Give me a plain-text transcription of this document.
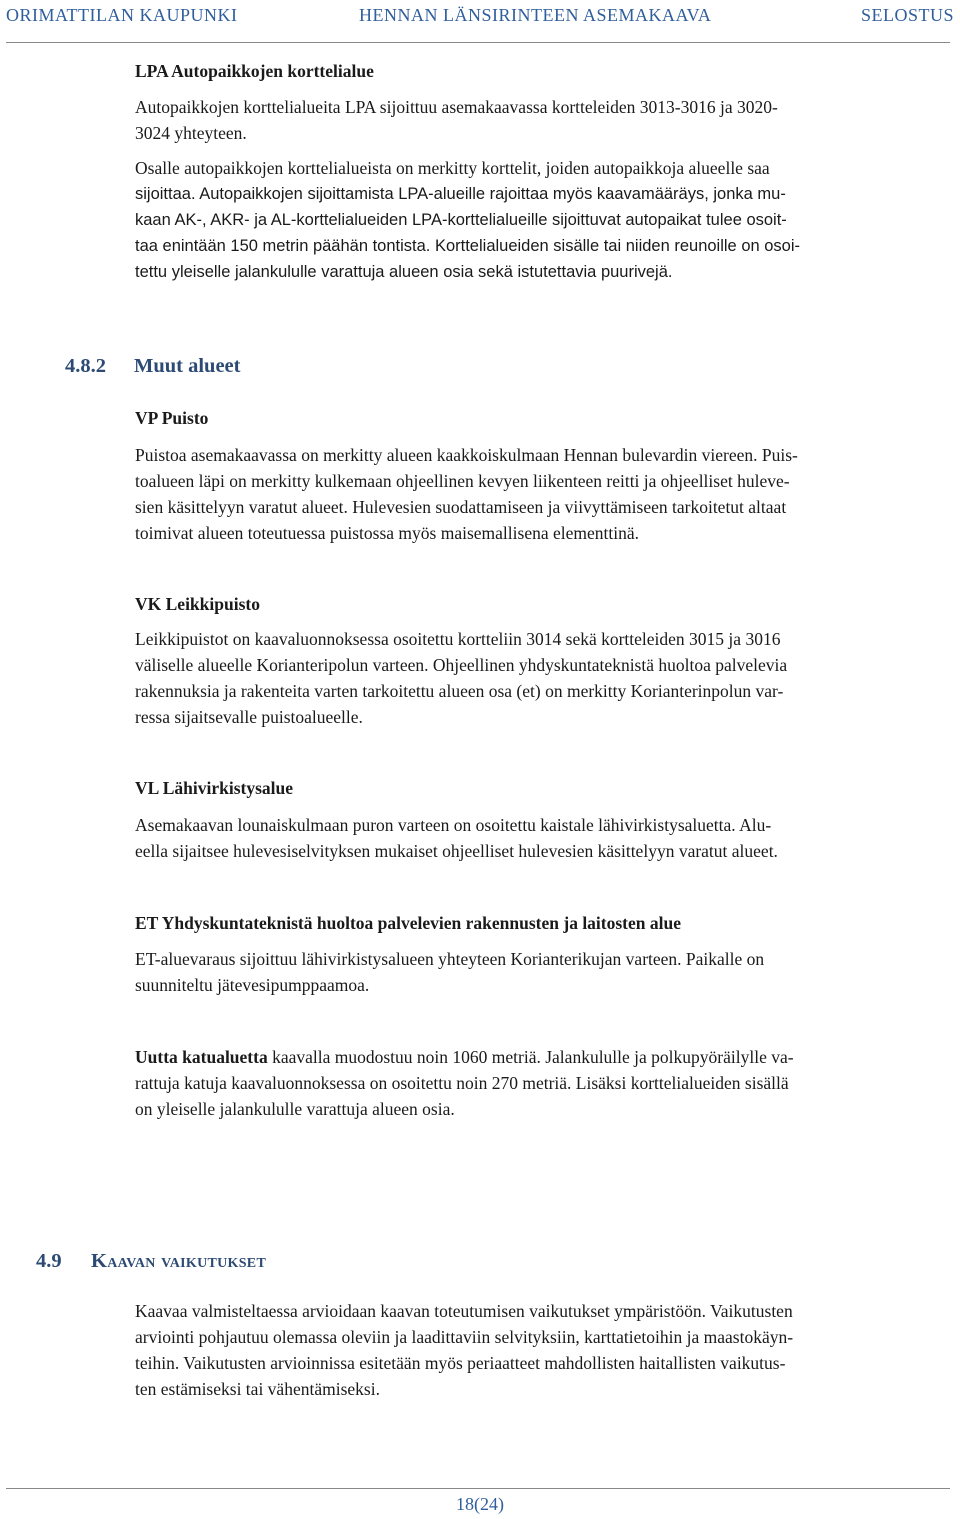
ORIMATTILAN KAUPUNKI	HENNAN LÄNSIRINTEEN ASEMAKAAVA	SELOSTUS
LPA Autopaikkojen korttelialue
Autopaikkojen korttelialueita LPA sijoittuu asemakaavassa kortteleiden 3013-3016 ja 3020-
3024 yhteyteen.
Osalle autopaikkojen korttelialueista on merkitty korttelit, joiden autopaikkoja alueelle saa
sijoittaa. Autopaikkojen sijoittamista LPA-alueille rajoittaa myös kaavamääräys, jonka mu-
kaan AK-, AKR- ja AL-korttelialueiden LPA-korttelialueille sijoittuvat autopaikat tulee osoit-
taa enintään 150 metrin päähän tontista. Korttelialueiden sisälle tai niiden reunoille on osoi-
tettu yleiselle jalankululle varattuja alueen osia sekä istutettavia puurivejä.
4.8.2 Muut alueet
VP Puisto
Puistoa asemakaavassa on merkitty alueen kaakkoiskulmaan Hennan bulevardin viereen. Puis-
toalueen läpi on merkitty kulkemaan ohjeellinen kevyen liikenteen reitti ja ohjeelliset huleve-
sien käsittelyyn varatut alueet. Hulevesien suodattamiseen ja viivyttämiseen tarkoitetut altaat
toimivat alueen toteutuessa puistossa myös maisemallisena elementtinä.
VK Leikkipuisto
Leikkipuistot on kaavaluonnoksessa osoitettu kortteliin 3014 sekä kortteleiden 3015 ja 3016
väliselle alueelle Korianteripolun varteen. Ohjeellinen yhdyskuntateknistä huoltoa palvelevia
rakennuksia ja rakenteita varten tarkoitettu alueen osa (et) on merkitty Korianterinpolun var-
ressa sijaitsevalle puistoalueelle.
VL Lähivirkistysalue
Asemakaavan lounaiskulmaan puron varteen on osoitettu kaistale lähivirkistysaluetta. Alu-
eella sijaitsee hulevesiselvityksen mukaiset ohjeelliset hulevesien käsittelyyn varatut alueet.
ET Yhdyskuntateknistä huoltoa palvelevien rakennusten ja laitosten alue
ET-aluevaraus sijoittuu lähivirkistysalueen yhteyteen Korianterikujan varteen. Paikalle on
suunniteltu jätevesipumppaamoa.
Uutta katualuetta kaavalla muodostuu noin 1060 metriä. Jalankululle ja polkupyöräilylle va-
rattuja katuja kaavaluonnoksessa on osoitettu noin 270 metriä. Lisäksi korttelialueiden sisällä
on yleiselle jalankululle varattuja alueen osia.
4.9 Kaavan vaikutukset
Kaavaa valmisteltaessa arvioidaan kaavan toteutumisen vaikutukset ympäristöön. Vaikutusten
arviointi pohjautuu olemassa oleviin ja laadittaviin selvityksiin, karttatietoihin ja maastokäyn-
teihin. Vaikutusten arvioinnissa esitetään myös periaatteet mahdollisten haitallisten vaikutus-
ten estämiseksi tai vähentämiseksi.
18(24)
